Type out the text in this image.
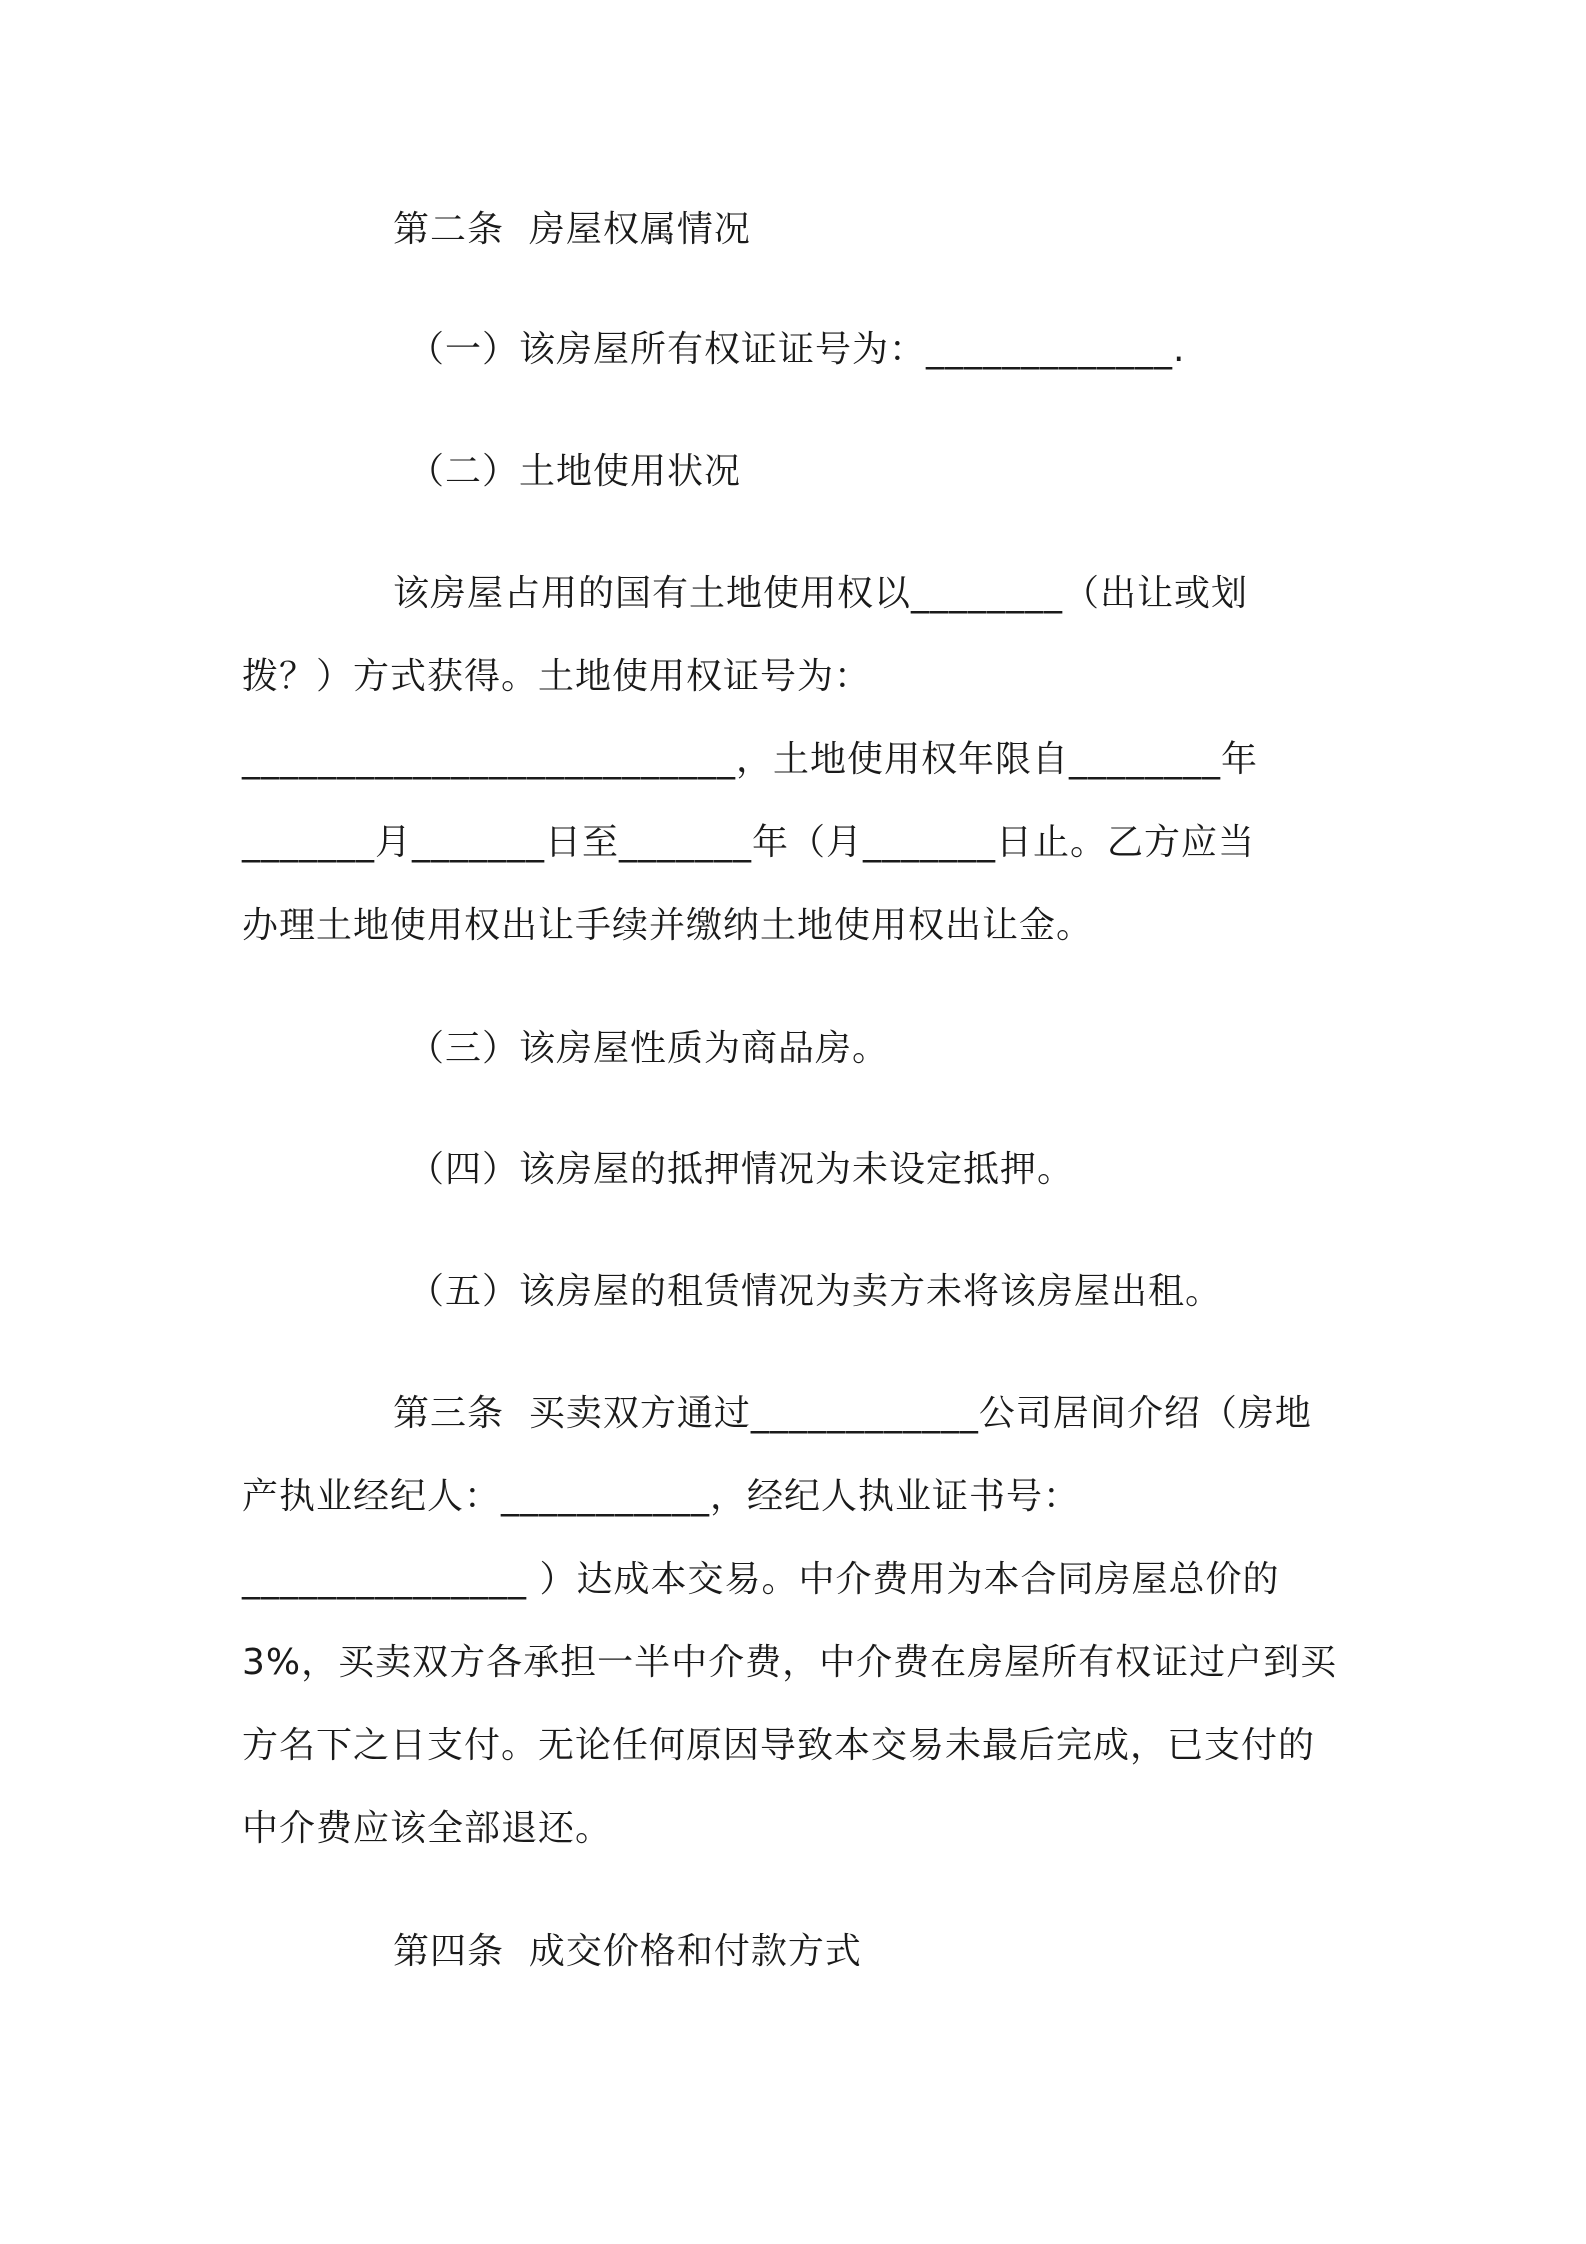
第二条  房屋权属情况
（一）该房屋所有权证证号为：_____________.
（二）土地使用状况
该房屋占用的国有土地使用权以________（出让或划
拨？）方式获得。土地使用权证号为：
__________________________，土地使用权年限自________年
_______月_______日至_______年（月_______日止。乙方应当
办理土地使用权出让手续并缴纳土地使用权出让金。
（三）该房屋性质为商品房。
（四）该房屋的抵押情况为未设定抵押。
（五）该房屋的租赁情况为卖方未将该房屋出租。
第三条  买卖双方通过____________公司居间介绍（房地
产执业经纪人：___________，经纪人执业证书号：
_______________ ）达成本交易。中介费用为本合同房屋总价的
3%，买卖双方各承担一半中介费，中介费在房屋所有权证过户到买
方名下之日支付。无论任何原因导致本交易未最后完成，已支付的
中介费应该全部退还。
第四条  成交价格和付款方式
